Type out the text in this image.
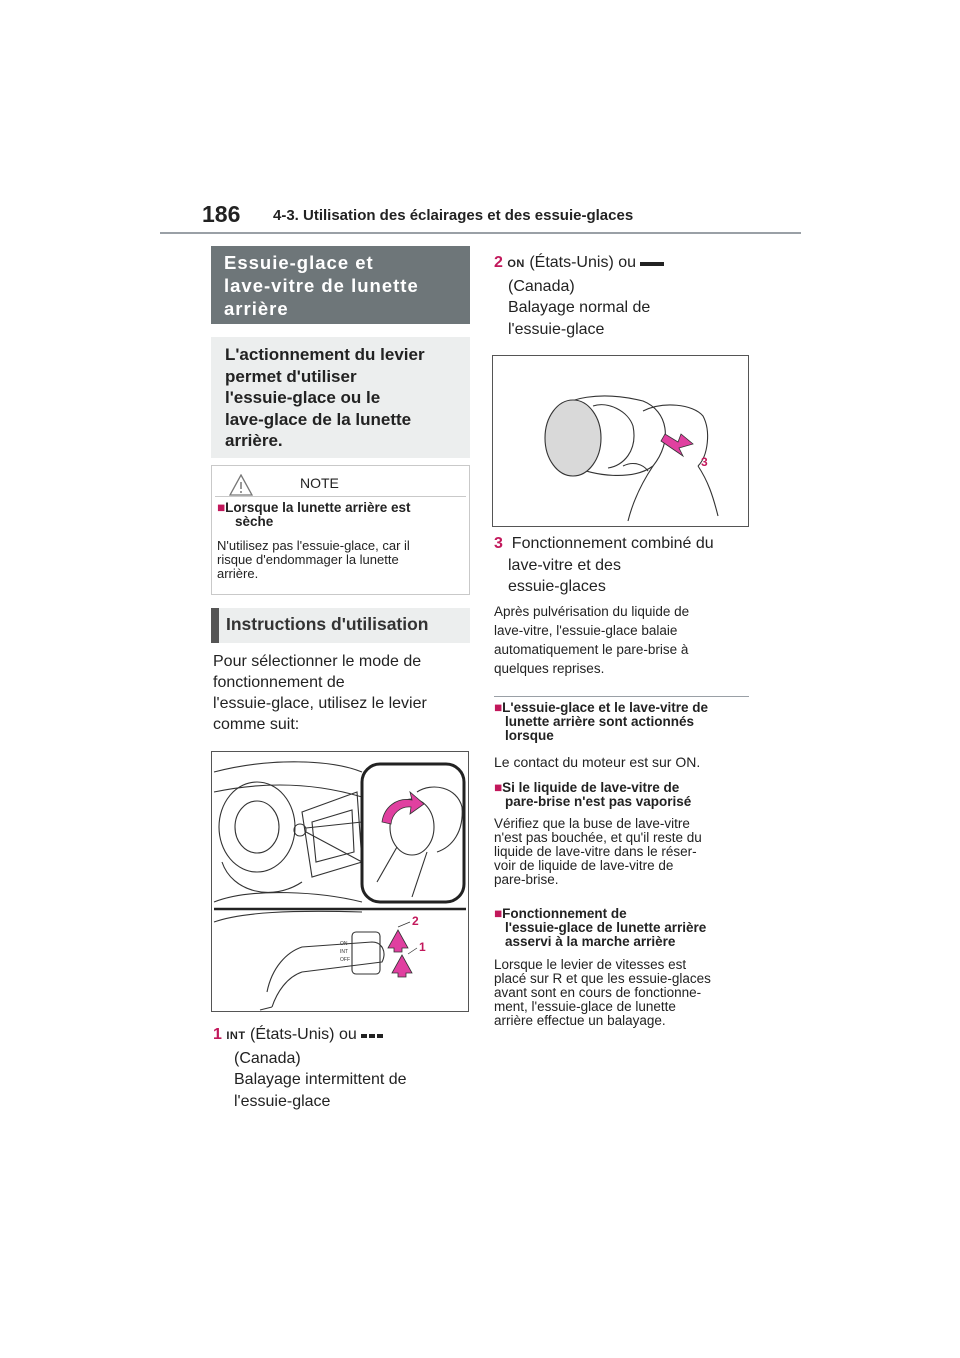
186 4-3. Utilisation des éclairages et des essuie-glaces
Essuie-glace et
lave-vitre de lunette
arrière
L'actionnement du levier
permet d'utiliser
l'essuie-glace ou le
lave-glace de la lunette
arrière.
NOTE
■Lorsque la lunette arrière est
sèche
N'utilisez pas l'essuie-glace, car il
risque d'endommager la lunette
arrière.
Instructions d'utilisation
Pour sélectionner le mode de
fonctionnement de
l'essuie-glace, utilisez le levier
comme suit:
ON
INT
OFF
2
1
1 INT (États-Unis) ou
(Canada)
Balayage intermittent de
l'essuie-glace
2 ON (États-Unis) ou
(Canada)
Balayage normal de
l'essuie-glace
3
3 Fonctionnement combiné du
lave-vitre et des
essuie-glaces
Après pulvérisation du liquide de
lave-vitre, l'essuie-glace balaie
automatiquement le pare-brise à
quelques reprises.
■L'essuie-glace et le lave-vitre de
lunette arrière sont actionnés
lorsque
Le contact du moteur est sur ON.
■Si le liquide de lave-vitre de
pare-brise n'est pas vaporisé
Vérifiez que la buse de lave-vitre
n'est pas bouchée, et qu'il reste du
liquide de lave-vitre dans le réser-
voir de liquide de lave-vitre de
pare-brise.
■Fonctionnement de
l'essuie-glace de lunette arrière
asservi à la marche arrière
Lorsque le levier de vitesses est
placé sur R et que les essuie-glaces
avant sont en cours de fonctionne-
ment, l'essuie-glace de lunette
arrière effectue un balayage.
